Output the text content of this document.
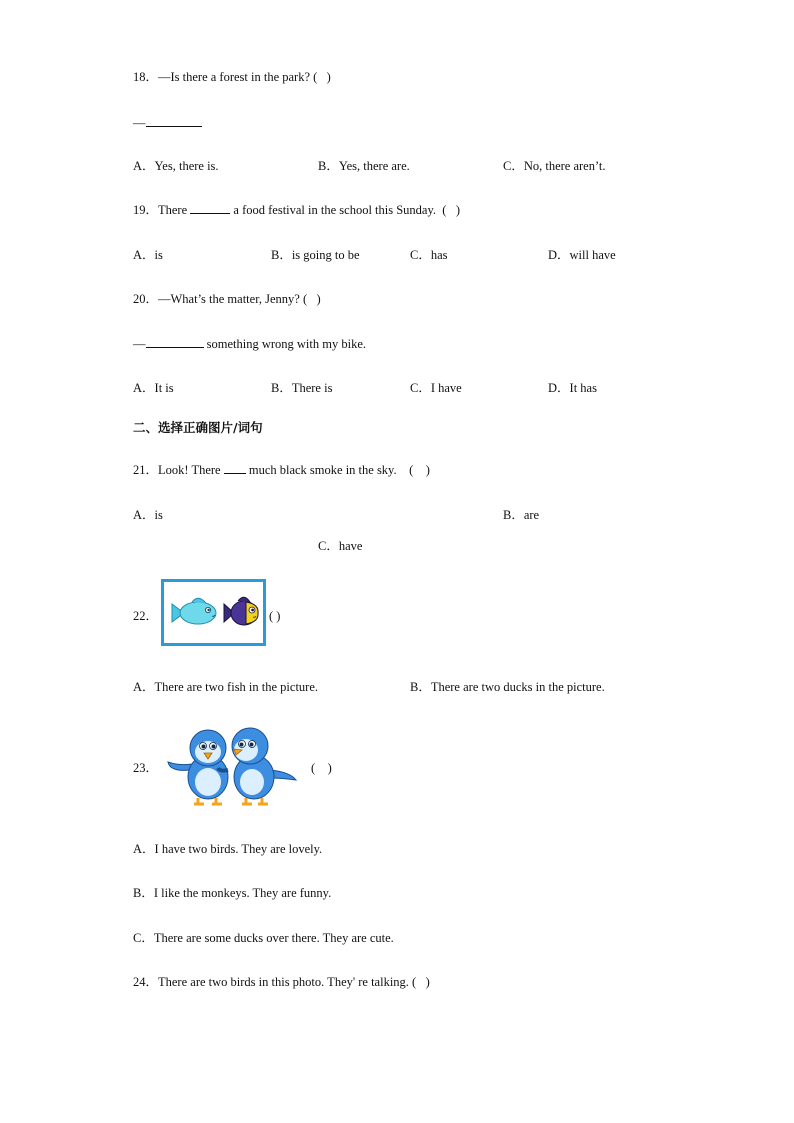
18．—Is there a forest in the park? (   )
—
A．Yes, there is.	B．Yes, there are.	C．No, there aren’t.
19．There	a food festival in the school this Sunday.  (   )
A．is	B．is going to be	C．has	D．will have
20．—What’s the matter, Jenny? (   )
—	something wrong with my bike.
A．It is	B．There is	C．I have	D．It has
二、选择正确图片/词句
21．Look! There  much black smoke in the sky.    (    )
A．is	B．are
C．have
22．	( )
A．There are two fish in the picture.	B．There are two ducks in the picture.
23．	(    )
A．I have two birds. They are lovely.
B．I like the monkeys. They are funny.
C．There are some ducks over there. They are cute.
24．There are two birds in this photo. They' re talking. (   )
